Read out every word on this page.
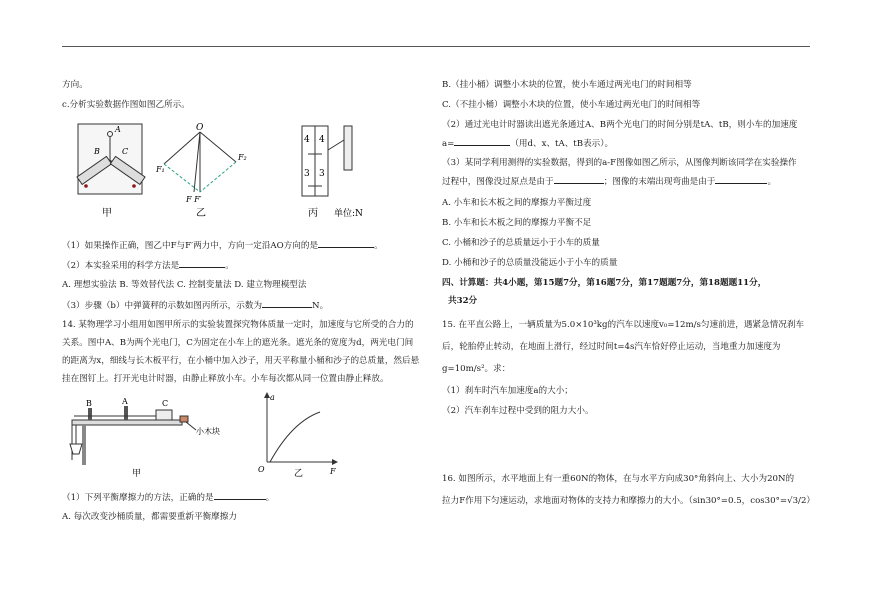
方向。
c.分析实验数据作图如图乙所示。
A
B	C
甲
O
F₁
F₂
F F′
乙
4 4
3 3
丙 单位:N
（1）如果操作正确，图乙中F与F′两力中，方向一定沿AO方向的是	。
（2）本实验采用的科学方法是	。
A. 理想实验法 B. 等效替代法 C. 控制变量法 D. 建立物理模型法
（3）步骤（b）中弹簧秤的示数如图丙所示，示数为	N。
14. 某物理学习小组用如图甲所示的实验装置探究物体质量一定时，加速度与它所受的合力的
关系。图中A、B为两个光电门，C为固定在小车上的遮光条。遮光条的宽度为d，两光电门间
的距离为x，细线与长木板平行，在小桶中加入沙子，用天平称量小桶和沙子的总质量，然后悬
挂在图钉上。打开光电计时器，由静止释放小车。小车每次都从同一位置由静止释放。
B	A	C
小木块
甲
a
F
O	乙
（1）下列平衡摩擦力的方法，正确的是	。
A. 每次改变沙桶质量，都需要重新平衡摩擦力
B.（挂小桶）调整小木块的位置，使小车通过两光电门的时间相等
C.（不挂小桶）调整小木块的位置，使小车通过两光电门的时间相等
（2）通过光电计时器读出遮光条通过A、B两个光电门的时间分别是tA、tB，则小车的加速度
a=	（用d、x、tA、tB表示）。
（3）某同学利用测得的实验数据，得到的a-F图像如图乙所示，从图像判断该同学在实验操作
过程中，图像没过原点是由于	；图像的末端出现弯曲是由于	。
A. 小车和长木板之间的摩擦力平衡过度
B. 小车和长木板之间的摩擦力平衡不足
C. 小桶和沙子的总质量远小于小车的质量
D. 小桶和沙子的总质量没能远小于小车的质量
四、计算题：共4小题，第15题7分，第16题7分，第17题题7分，第18题题11分，
共32分
15. 在平直公路上，一辆质量为5.0×10³kg的汽车以速度v₀=12m/s匀速前进，遇紧急情况刹车
后，轮胎停止转动，在地面上滑行，经过时间t=4s汽车恰好停止运动，当地重力加速度为
g=10m/s²。求：
（1）刹车时汽车加速度a的大小；
（2）汽车刹车过程中受到的阻力大小。
16. 如图所示，水平地面上有一重60N的物体，在与水平方向成30°角斜向上、大小为20N的
拉力F作用下匀速运动，求地面对物体的支持力和摩擦力的大小。（sin30°=0.5，cos30°=√3/2）
